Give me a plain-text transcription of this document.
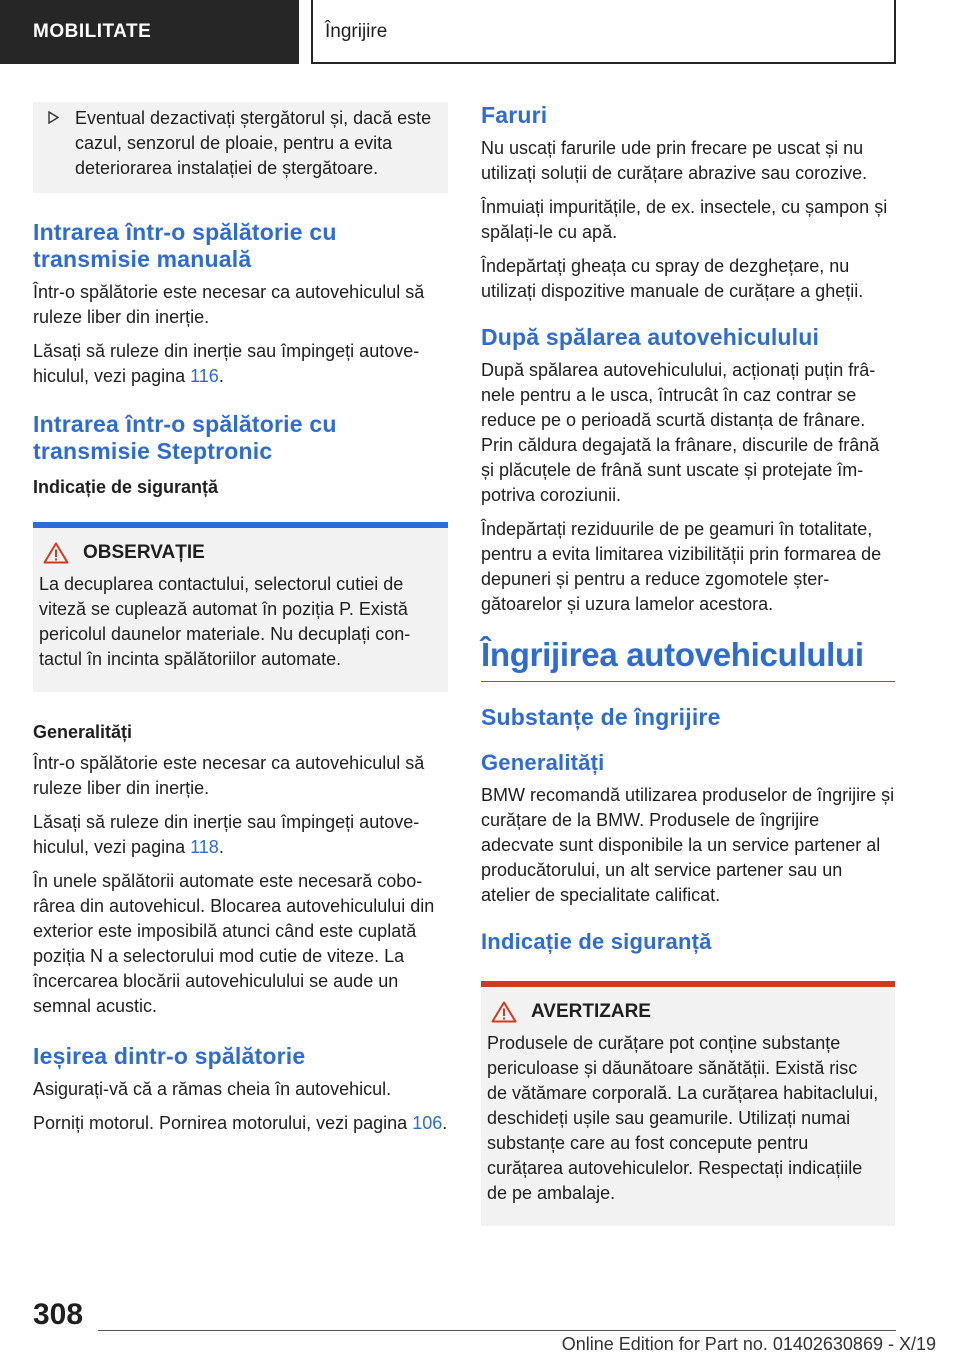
MOBILITATE	Îngrijire

Eventual dezactivați ștergătorul și, dacă este cazul, senzorul de ploaie, pentru a evita deteriorarea instalației de ștergătoare.

Intrarea într-o spălătorie cu transmisie manuală

Într-o spălătorie este necesar ca autovehiculul să ruleze liber din inerție.

Lăsați să ruleze din inerție sau împingeți autovehiculul, vezi pagina 116.

Intrarea într-o spălătorie cu transmisie Steptronic
Indicație de siguranță
OBSERVAȚIE

La decuplarea contactului, selectorul cutiei de viteză se cuplează automat în poziția P. Există pericolul daunelor materiale. Nu decuplați contactul în incinta spălătoriilor automate.

Generalități

Într-o spălătorie este necesar ca autovehiculul să ruleze liber din inerție.

Lăsați să ruleze din inerție sau împingeți autovehiculul, vezi pagina 118.

În unele spălătorii automate este necesară coborârea din autovehicul. Blocarea autovehiculului din exterior este imposibilă atunci când este cuplată poziția N a selectorului mod cutie de viteze. La încercarea blocării autovehiculului se aude un semnal acustic.

Ieșirea dintr-o spălătorie

Asigurați-vă că a rămas cheia în autovehicul.

Porniți motorul. Pornirea motorului, vezi pagina 106.

Faruri

Nu uscați farurile ude prin frecare pe uscat și nu utilizați soluții de curățare abrazive sau corozive.

Înmuiați impuritățile, de ex. insectele, cu șampon și spălați-le cu apă.

Îndepărtați gheața cu spray de dezghețare, nu utilizați dispozitive manuale de curățare a gheții.

După spălarea autovehiculului

După spălarea autovehiculului, acționați puțin frânele pentru a le usca, întrucât în caz contrar se reduce pe o perioadă scurtă distanța de frânare. Prin căldura degajată la frânare, discurile de frână și plăcuțele de frână sunt uscate și protejate împotriva coroziunii.

Îndepărtați reziduurile de pe geamuri în totalitate, pentru a evita limitarea vizibilității prin formarea de depuneri și pentru a reduce zgomotele ștergătoarelor și uzura lamelor acestora.

Îngrijirea autovehiculului
Substanțe de îngrijire
Generalități

BMW recomandă utilizarea produselor de îngrijire și curățare de la BMW. Produsele de îngrijire adecvate sunt disponibile la un service partener al producătorului, un alt service partener sau un atelier de specialitate calificat.

Indicație de siguranță
AVERTIZARE

Produsele de curățare pot conține substanțe periculoase și dăunătoare sănătății. Există risc de vătămare corporală. La curățarea habitaclului, deschideți ușile sau geamurile. Utilizați numai substanțe care au fost concepute pentru curățarea autovehiculelor. Respectați indicațiile de pe ambalaje.

308
Online Edition for Part no. 01402630869 - X/19
